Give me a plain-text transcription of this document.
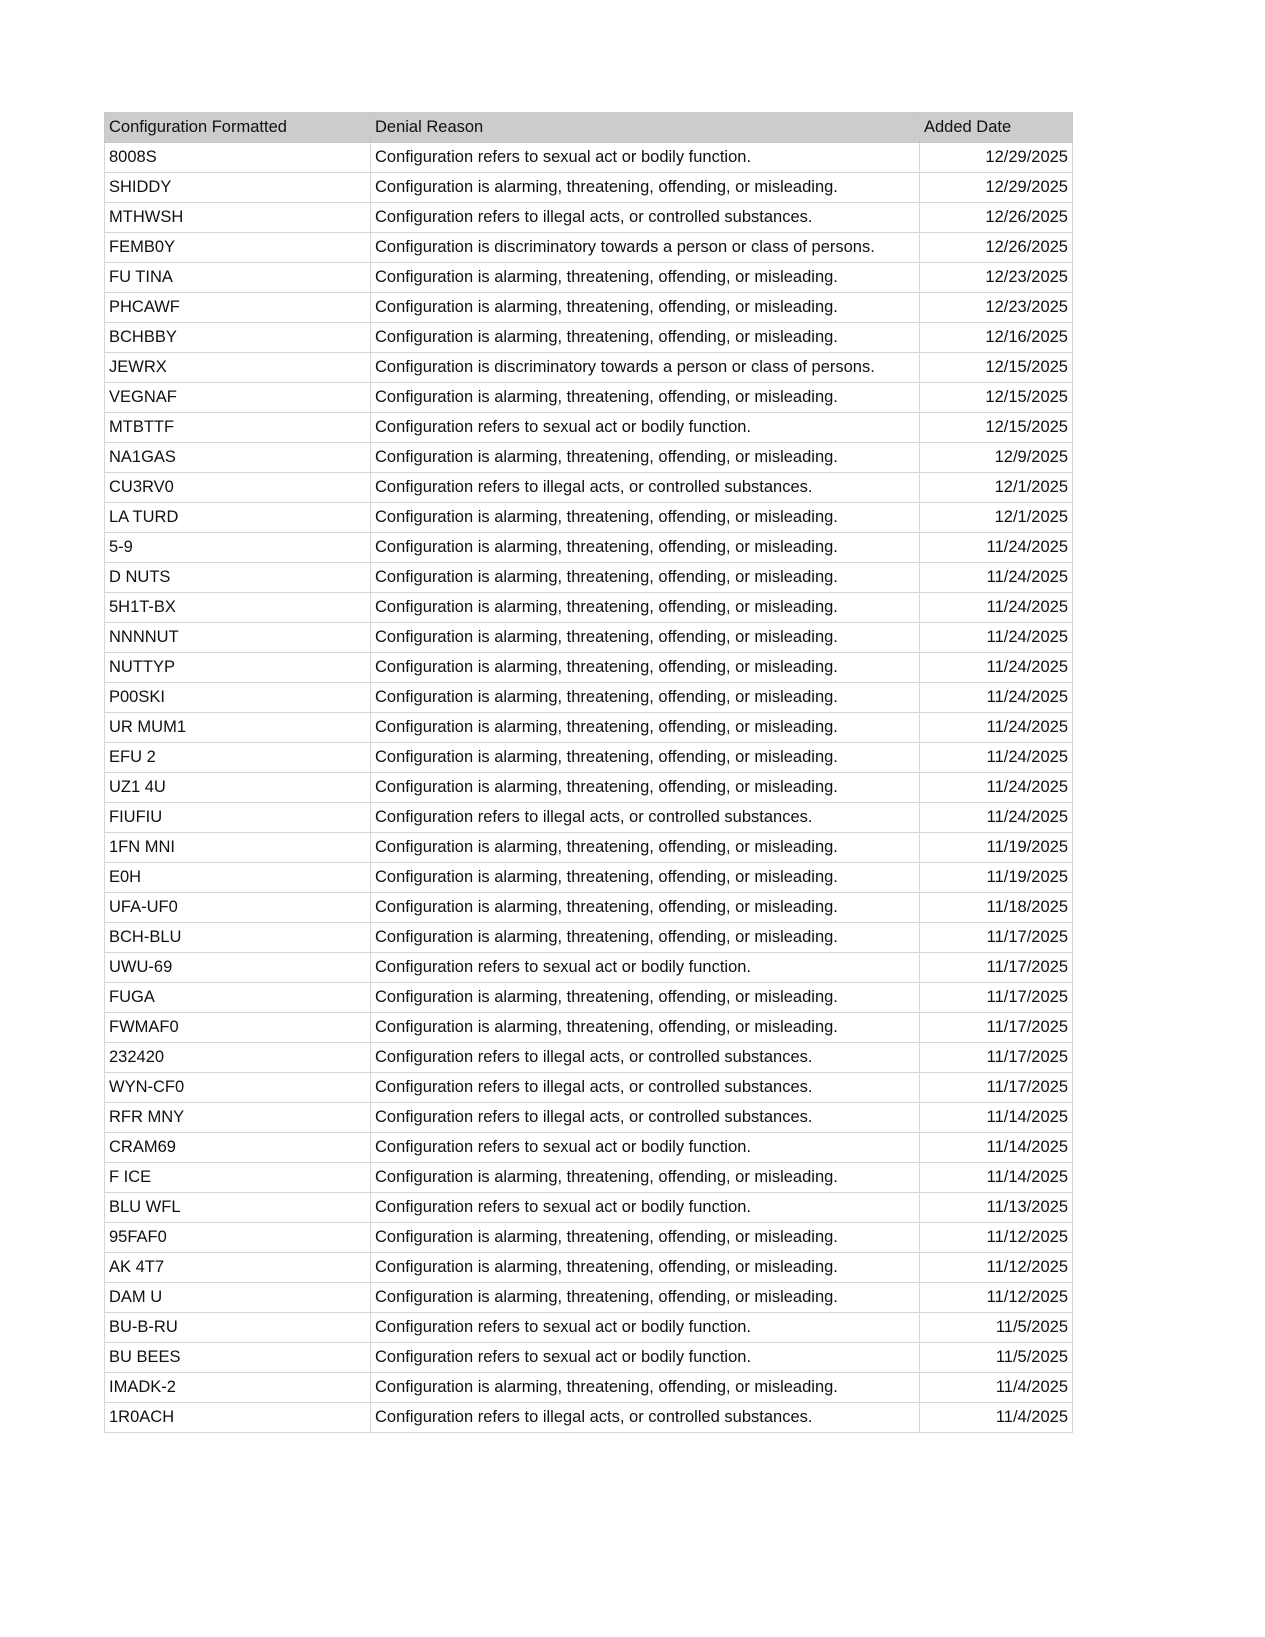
Configuration Formatted	Denial Reason	Added Date
8008S	Configuration refers to sexual act or bodily function.	12/29/2025
SHIDDY	Configuration is alarming, threatening, offending, or misleading.	12/29/2025
MTHWSH	Configuration refers to illegal acts, or controlled substances.	12/26/2025
FEMB0Y	Configuration is discriminatory towards a person or class of persons.	12/26/2025
FU TINA	Configuration is alarming, threatening, offending, or misleading.	12/23/2025
PHCAWF	Configuration is alarming, threatening, offending, or misleading.	12/23/2025
BCHBBY	Configuration is alarming, threatening, offending, or misleading.	12/16/2025
JEWRX	Configuration is discriminatory towards a person or class of persons.	12/15/2025
VEGNAF	Configuration is alarming, threatening, offending, or misleading.	12/15/2025
MTBTTF	Configuration refers to sexual act or bodily function.	12/15/2025
NA1GAS	Configuration is alarming, threatening, offending, or misleading.	12/9/2025
CU3RV0	Configuration refers to illegal acts, or controlled substances.	12/1/2025
LA TURD	Configuration is alarming, threatening, offending, or misleading.	12/1/2025
5-9	Configuration is alarming, threatening, offending, or misleading.	11/24/2025
D NUTS	Configuration is alarming, threatening, offending, or misleading.	11/24/2025
5H1T-BX	Configuration is alarming, threatening, offending, or misleading.	11/24/2025
NNNNUT	Configuration is alarming, threatening, offending, or misleading.	11/24/2025
NUTTYP	Configuration is alarming, threatening, offending, or misleading.	11/24/2025
P00SKI	Configuration is alarming, threatening, offending, or misleading.	11/24/2025
UR MUM1	Configuration is alarming, threatening, offending, or misleading.	11/24/2025
EFU 2	Configuration is alarming, threatening, offending, or misleading.	11/24/2025
UZ1 4U	Configuration is alarming, threatening, offending, or misleading.	11/24/2025
FIUFIU	Configuration refers to illegal acts, or controlled substances.	11/24/2025
1FN MNI	Configuration is alarming, threatening, offending, or misleading.	11/19/2025
E0H	Configuration is alarming, threatening, offending, or misleading.	11/19/2025
UFA-UF0	Configuration is alarming, threatening, offending, or misleading.	11/18/2025
BCH-BLU	Configuration is alarming, threatening, offending, or misleading.	11/17/2025
UWU-69	Configuration refers to sexual act or bodily function.	11/17/2025
FUGA	Configuration is alarming, threatening, offending, or misleading.	11/17/2025
FWMAF0	Configuration is alarming, threatening, offending, or misleading.	11/17/2025
232420	Configuration refers to illegal acts, or controlled substances.	11/17/2025
WYN-CF0	Configuration refers to illegal acts, or controlled substances.	11/17/2025
RFR MNY	Configuration refers to illegal acts, or controlled substances.	11/14/2025
CRAM69	Configuration refers to sexual act or bodily function.	11/14/2025
F ICE	Configuration is alarming, threatening, offending, or misleading.	11/14/2025
BLU WFL	Configuration refers to sexual act or bodily function.	11/13/2025
95FAF0	Configuration is alarming, threatening, offending, or misleading.	11/12/2025
AK 4T7	Configuration is alarming, threatening, offending, or misleading.	11/12/2025
DAM U	Configuration is alarming, threatening, offending, or misleading.	11/12/2025
BU-B-RU	Configuration refers to sexual act or bodily function.	11/5/2025
BU BEES	Configuration refers to sexual act or bodily function.	11/5/2025
IMADK-2	Configuration is alarming, threatening, offending, or misleading.	11/4/2025
1R0ACH	Configuration refers to illegal acts, or controlled substances.	11/4/2025
